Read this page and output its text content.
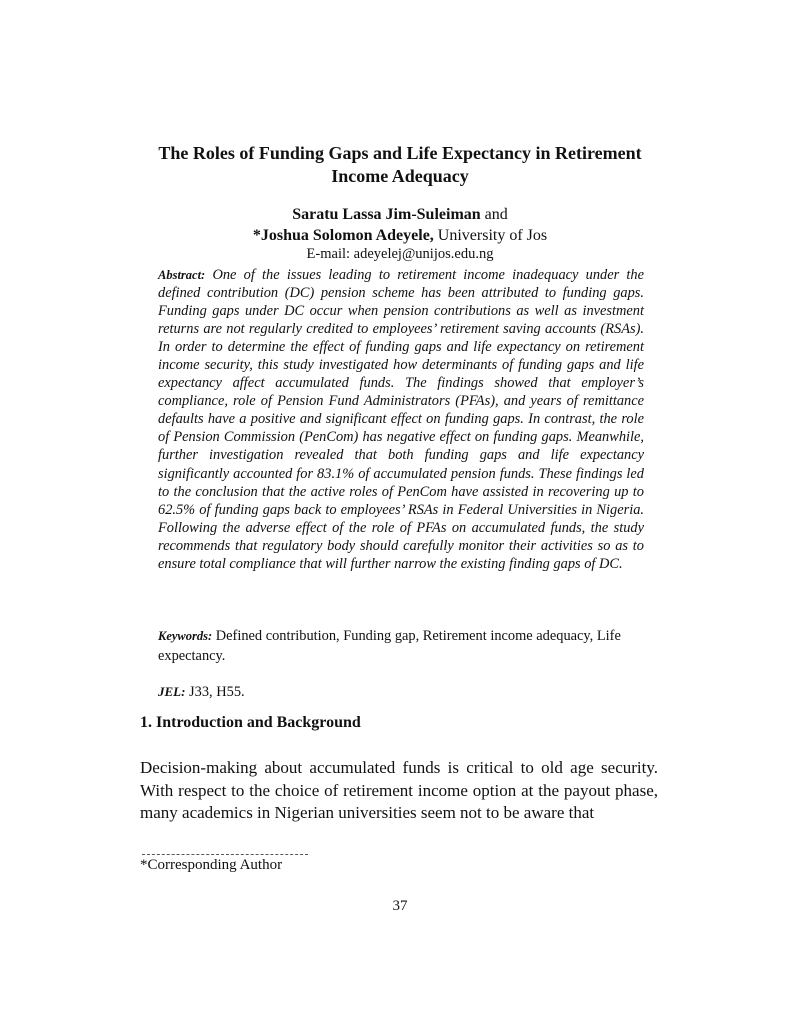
The Roles of Funding Gaps and Life Expectancy in Retirement Income Adequacy
Saratu Lassa Jim-Suleiman and
*Joshua Solomon Adeyele, University of Jos
E-mail: adeyelej@unijos.edu.ng
Abstract: One of the issues leading to retirement income inadequacy under the defined contribution (DC) pension scheme has been attributed to funding gaps. Funding gaps under DC occur when pension contributions as well as investment returns are not regularly credited to employees’ retirement saving accounts (RSAs). In order to determine the effect of funding gaps and life expectancy on retirement income security, this study investigated how determinants of funding gaps and life expectancy affect accumulated funds. The findings showed that employer’s compliance, role of Pension Fund Administrators (PFAs), and years of remittance defaults have a positive and significant effect on funding gaps. In contrast, the role of Pension Commission (PenCom) has negative effect on funding gaps. Meanwhile, further investigation revealed that both funding gaps and life expectancy significantly accounted for 83.1% of accumulated pension funds. These findings led to the conclusion that the active roles of PenCom have assisted in recovering up to 62.5% of funding gaps back to employees’ RSAs in Federal Universities in Nigeria. Following the adverse effect of the role of PFAs on accumulated funds, the study recommends that regulatory body should carefully monitor their activities so as to ensure total compliance that will further narrow the existing finding gaps of DC.
Keywords: Defined contribution, Funding gap, Retirement income adequacy, Life expectancy.
JEL: J33, H55.
1. Introduction and Background
Decision-making about accumulated funds is critical to old age security. With respect to the choice of retirement income option at the payout phase, many academics in Nigerian universities seem not to be aware that
*Corresponding Author
37
